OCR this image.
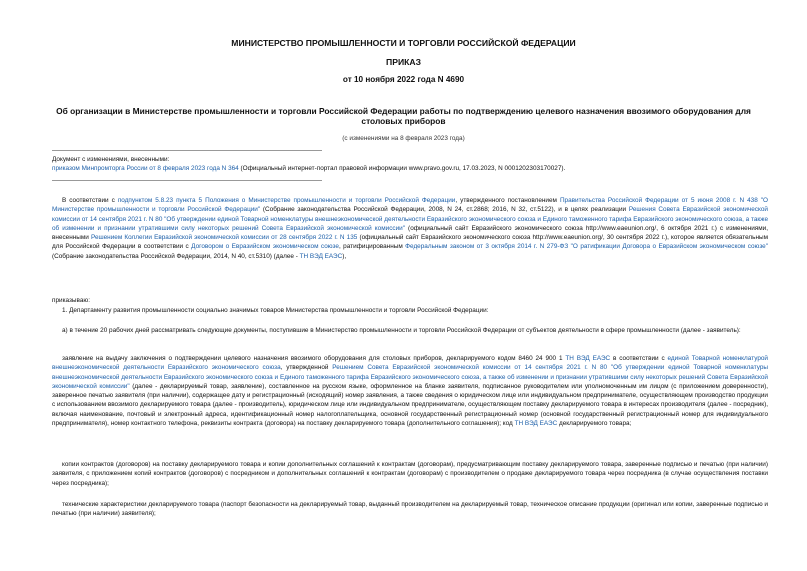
МИНИСТЕРСТВО ПРОМЫШЛЕННОСТИ И ТОРГОВЛИ РОССИЙСКОЙ ФЕДЕРАЦИИ
ПРИКАЗ
от 10 ноября 2022 года N 4690
Об организации в Министерстве промышленности и торговли Российской Федерации работы по подтверждению целевого назначения ввозимого оборудования для столовых приборов
(с изменениями на 8 февраля 2023 года)
Документ с изменениями, внесенными:
приказом Минпромторга России от 8 февраля 2023 года N 364 (Официальный интернет-портал правовой информации www.pravo.gov.ru, 17.03.2023, N 0001202303170027).

В соответствии с подпунктом 5.8.23 пункта 5 Положения о Министерстве промышленности и торговли Российской Федерации, утвержденного постановлением Правительства Российской Федерации от 5 июня 2008 г. N 438 "О Министерстве промышленности и торговли Российской Федерации" (Собрание законодательства Российской Федерации, 2008, N 24, ст.2868; 2016, N 32, ст.5122), и в целях реализации Решения Совета Евразийской экономической комиссии от 14 сентября 2021 г. N 80 "Об утверждении единой Товарной номенклатуры внешнеэкономической деятельности Евразийского экономического союза и Единого таможенного тарифа Евразийского экономического союза, а также об изменении и признании утратившими силу некоторых решений Совета Евразийской экономической комиссии" (официальный сайт Евразийского экономического союза http://www.eaeunion.org/, 6 октября 2021 г.) с изменениями, внесенными Решением Коллегии Евразийской экономической комиссии от 28 сентября 2022 г. N 135 (официальный сайт Евразийского экономического союза http://www.eaeunion.org/, 30 сентября 2022 г.), которое является обязательным для Российской Федерации в соответствии с Договором о Евразийском экономическом союзе, ратифицированным Федеральным законом от 3 октября 2014 г. N 279-ФЗ "О ратификации Договора о Евразийском экономическом союзе"(Собрание законодательства Российской Федерации, 2014, N 40, ст.5310) (далее - ТН ВЭД ЕАЭС),

приказываю:

1. Департаменту развития промышленности социально значимых товаров Министерства промышленности и торговли Российской Федерации:

а) в течение 20 рабочих дней рассматривать следующие документы, поступившие в Министерство промышленности и торговли Российской Федерации от субъектов деятельности в сфере промышленности (далее - заявитель):

заявление на выдачу заключения о подтверждении целевого назначения ввозимого оборудования для столовых приборов, декларируемого кодом 8460 24 900 1 ТН ВЭД ЕАЭС в соответствии с единой Товарной номенклатурой внешнеэкономической деятельности Евразийского экономического союза, утвержденной Решением Совета Евразийской экономической комиссии от 14 сентября 2021 г. N 80 "Об утверждении единой Товарной номенклатуры внешнеэкономической деятельности Евразийского экономического союза и Единого таможенного тарифа Евразийского экономического союза, а также об изменении и признании утратившими силу некоторых решений Совета Евразийской экономической комиссии" (далее - декларируемый товар, заявление), составленное на русском языке, оформленное на бланке заявителя, подписанное руководителем или уполномоченным им лицом (с приложением доверенности), заверенное печатью заявителя (при наличии), содержащее дату и регистрационный (исходящий) номер заявления, а также сведения о юридическом лице или индивидуальном предпринимателе, осуществляющем производство продукции с использованием ввозимого декларируемого товара (далее - производитель), юридическом лице или индивидуальном предпринимателе, осуществляющем поставку декларируемого товара в интересах производителя (далее - посредник), включая наименование, почтовый и электронный адреса, идентификационный номер налогоплательщика, основной государственный регистрационный номер (основной государственный регистрационный номер для индивидуального предпринимателя), номер контактного телефона, реквизиты контракта (договора) на поставку декларируемого товара (дополнительного соглашения); код ТН ВЭД ЕАЭС декларируемого товара;

копии контрактов (договоров) на поставку декларируемого товара и копии дополнительных соглашений к контрактам (договорам), предусматривающим поставку декларируемого товара, заверенные подписью и печатью (при наличии) заявителя, с приложением копий контрактов (договоров) с посредником и дополнительных соглашений к контрактам (договорам) с производителем о продаже декларируемого товара через посредника (в случае осуществления поставки через посредника);

технические характеристики декларируемого товара (паспорт безопасности на декларируемый товар, выданный производителем на декларируемый товар, техническое описание продукции (оригинал или копии, заверенные подписью и печатью (при наличии) заявителя);
